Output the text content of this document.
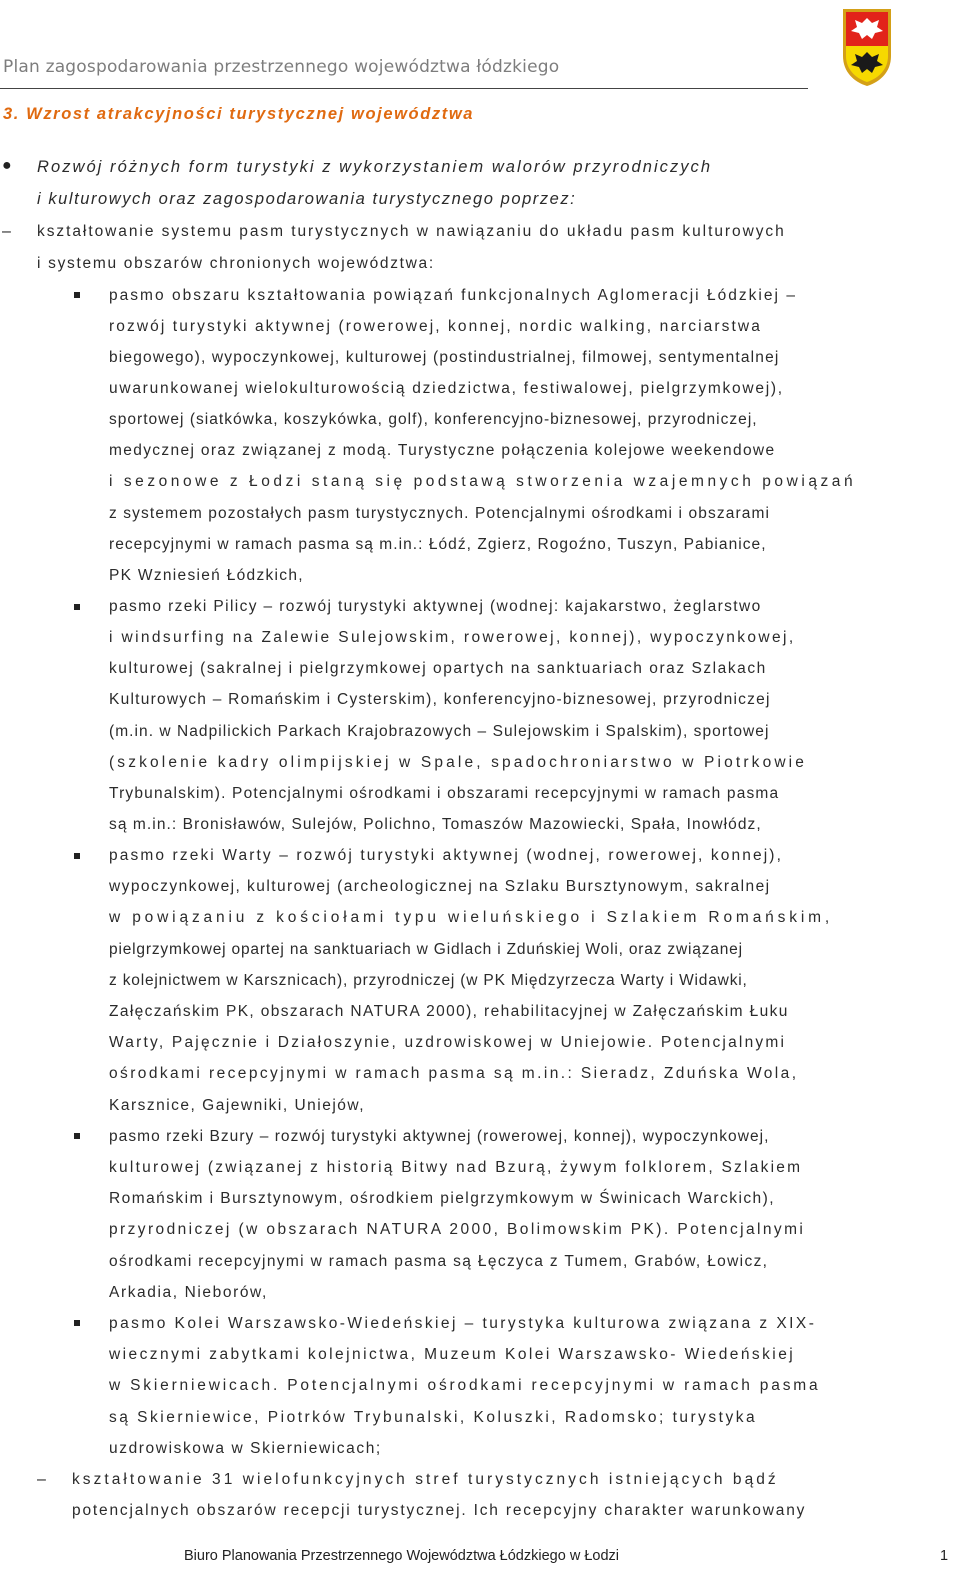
Plan zagospodarowania przestrzennego województwa łódzkiego
3. Wzrost atrakcyjności turystycznej województwa
● Rozwój różnych form turystyki z wykorzystaniem walorów przyrodniczych
i kulturowych oraz zagospodarowania turystycznego poprzez:
– kształtowanie systemu pasm turystycznych w nawiązaniu do układu pasm kulturowych
i systemu obszarów chronionych województwa:
pasmo obszaru kształtowania powiązań funkcjonalnych Aglomeracji Łódzkiej –
rozwój turystyki aktywnej (rowerowej, konnej, nordic walking, narciarstwa
biegowego), wypoczynkowej, kulturowej (postindustrialnej, filmowej, sentymentalnej
uwarunkowanej wielokulturowością dziedzictwa, festiwalowej, pielgrzymkowej),
sportowej (siatkówka, koszykówka, golf), konferencyjno-biznesowej, przyrodniczej,
medycznej oraz związanej z modą. Turystyczne połączenia kolejowe weekendowe
i sezonowe z Łodzi staną się podstawą stworzenia wzajemnych powiązań
z systemem pozostałych pasm turystycznych. Potencjalnymi ośrodkami i obszarami
recepcyjnymi w ramach pasma są m.in.: Łódź, Zgierz, Rogoźno, Tuszyn, Pabianice,
PK Wzniesień Łódzkich,
pasmo rzeki Pilicy – rozwój turystyki aktywnej (wodnej: kajakarstwo, żeglarstwo
i windsurfing na Zalewie Sulejowskim, rowerowej, konnej), wypoczynkowej,
kulturowej (sakralnej i pielgrzymkowej opartych na sanktuariach oraz Szlakach
Kulturowych – Romańskim i Cysterskim), konferencyjno-biznesowej, przyrodniczej
(m.in. w Nadpilickich Parkach Krajobrazowych – Sulejowskim i Spalskim), sportowej
(szkolenie kadry olimpijskiej w Spale, spadochroniarstwo w Piotrkowie
Trybunalskim). Potencjalnymi ośrodkami i obszarami recepcyjnymi w ramach pasma
są m.in.: Bronisławów, Sulejów, Polichno, Tomaszów Mazowiecki, Spała, Inowłódz,
pasmo rzeki Warty – rozwój turystyki aktywnej (wodnej, rowerowej, konnej),
wypoczynkowej, kulturowej (archeologicznej na Szlaku Bursztynowym, sakralnej
w powiązaniu z kościołami typu wieluńskiego i Szlakiem Romańskim,
pielgrzymkowej opartej na sanktuariach w Gidlach i Zduńskiej Woli, oraz związanej
z kolejnictwem w Karsznicach), przyrodniczej (w PK Międzyrzecza Warty i Widawki,
Załęczańskim PK, obszarach NATURA 2000), rehabilitacyjnej w Załęczańskim Łuku
Warty, Pajęcznie i Działoszynie, uzdrowiskowej w Uniejowie. Potencjalnymi
ośrodkami recepcyjnymi w ramach pasma są m.in.: Sieradz, Zduńska Wola,
Karsznice, Gajewniki, Uniejów,
pasmo rzeki Bzury – rozwój turystyki aktywnej (rowerowej, konnej), wypoczynkowej,
kulturowej (związanej z historią Bitwy nad Bzurą, żywym folklorem, Szlakiem
Romańskim i Bursztynowym, ośrodkiem pielgrzymkowym w Świnicach Warckich),
przyrodniczej (w obszarach NATURA 2000, Bolimowskim PK). Potencjalnymi
ośrodkami recepcyjnymi w ramach pasma są Łęczyca z Tumem, Grabów, Łowicz,
Arkadia, Nieborów,
pasmo Kolei Warszawsko-Wiedeńskiej – turystyka kulturowa związana z XIX-
wiecznymi zabytkami kolejnictwa, Muzeum Kolei Warszawsko- Wiedeńskiej
w Skierniewicach. Potencjalnymi ośrodkami recepcyjnymi w ramach pasma
są Skierniewice, Piotrków Trybunalski, Koluszki, Radomsko; turystyka
uzdrowiskowa w Skierniewicach;
– kształtowanie 31 wielofunkcyjnych stref turystycznych istniejących bądź
potencjalnych obszarów recepcji turystycznej. Ich recepcyjny charakter warunkowany
Biuro Planowania Przestrzennego Województwa Łódzkiego w Łodzi	1
